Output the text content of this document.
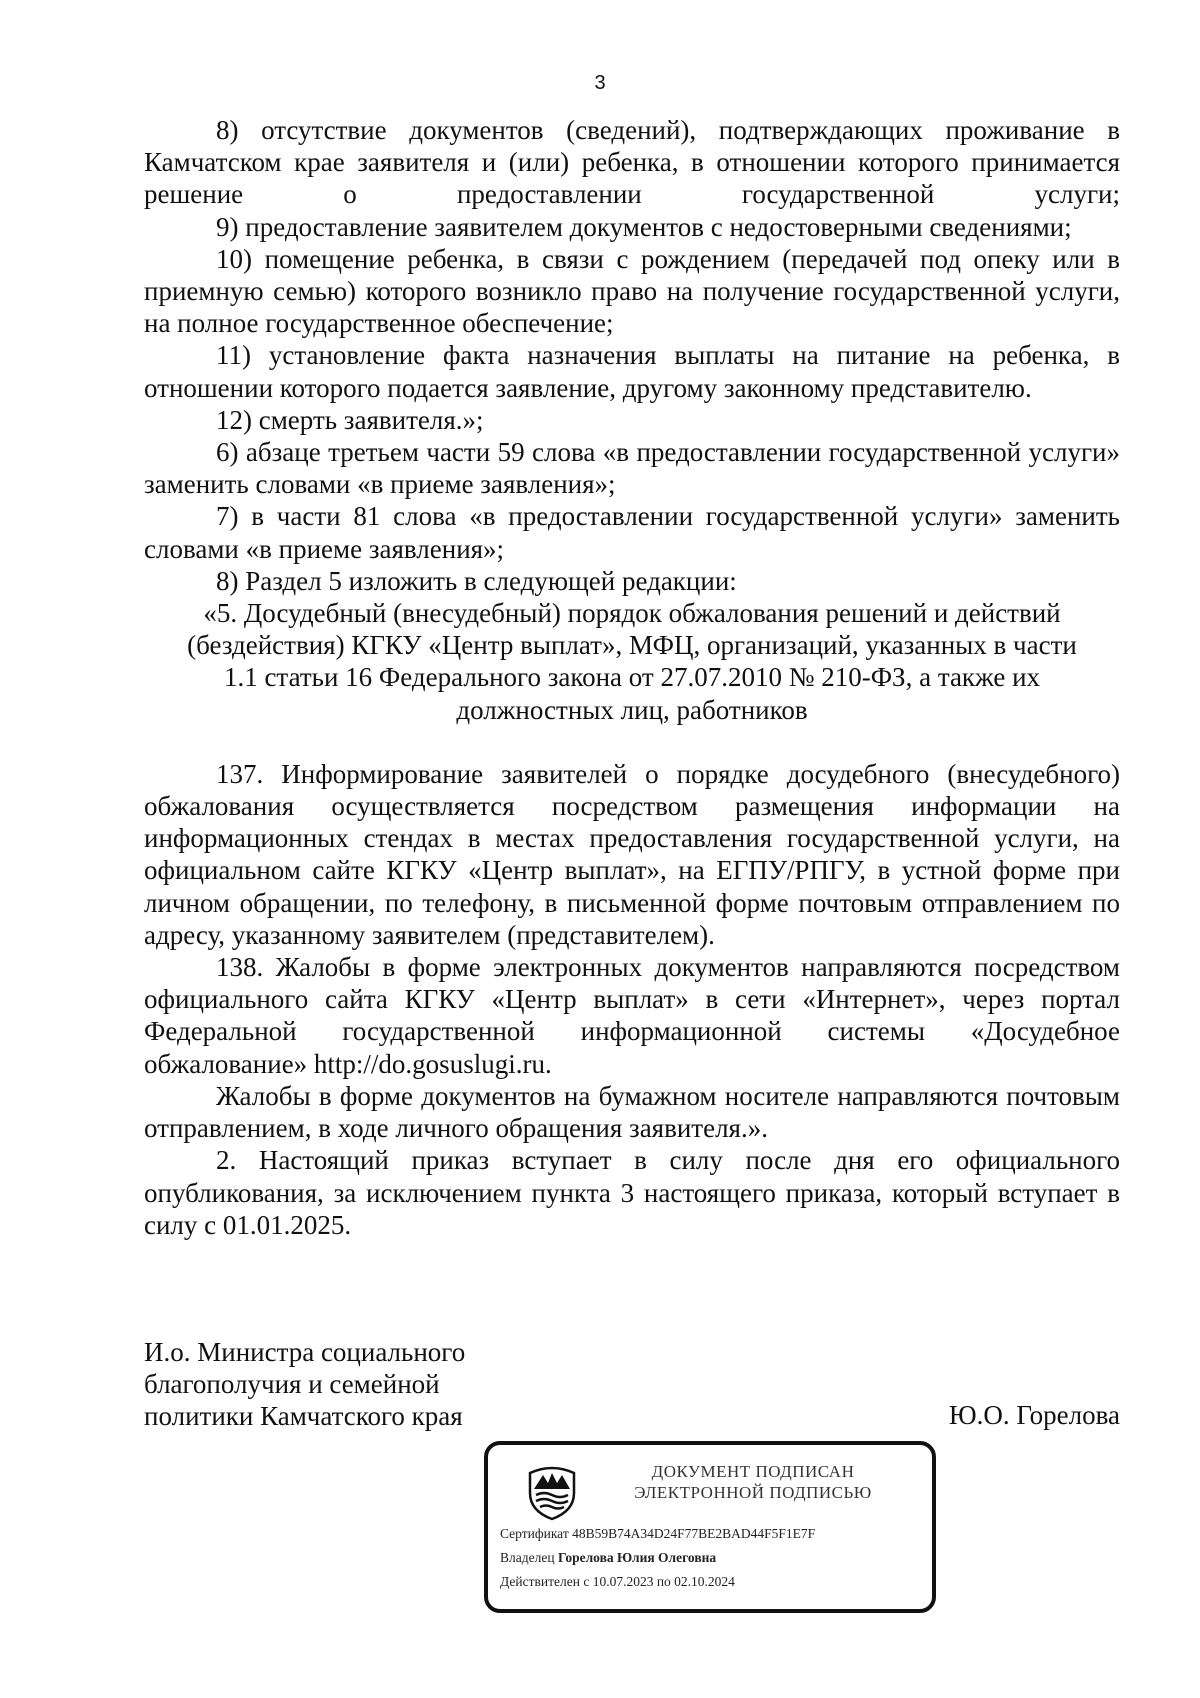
3

8) отсутствие документов (сведений), подтверждающих проживание в Камчатском крае заявителя и (или) ребенка, в отношении которого принимается решение о предоставлении государственной услуги;

9) предоставление заявителем документов с недостоверными сведениями;

10) помещение ребенка, в связи с рождением (передачей под опеку или в приемную семью) которого возникло право на получение государственной услуги, на полное государственное обеспечение;

11) установление факта назначения выплаты на питание на ребенка, в отношении которого подается заявление, другому законному представителю.

12) смерть заявителя.»;

6) абзаце третьем части 59 слова «в предоставлении государственной услуги» заменить словами «в приеме заявления»;

7) в части 81 слова «в предоставлении государственной услуги» заменить словами «в приеме заявления»;

8) Раздел 5 изложить в следующей редакции:

«5. Досудебный (внесудебный) порядок обжалования решений и действий (бездействия) КГКУ «Центр выплат», МФЦ, организаций, указанных в части 1.1 статьи 16 Федерального закона от 27.07.2010 № 210-ФЗ, а также их должностных лиц, работников

137. Информирование заявителей о порядке досудебного (внесудебного) обжалования осуществляется посредством размещения информации на информационных стендах в местах предоставления государственной услуги, на официальном сайте КГКУ «Центр выплат», на ЕГПУ/РПГУ, в устной форме при личном обращении, по телефону, в письменной форме почтовым отправлением по адресу, указанному заявителем (представителем).

138. Жалобы в форме электронных документов направляются посредством официального сайта КГКУ «Центр выплат» в сети «Интернет», через портал Федеральной государственной информационной системы «Досудебное обжалование» http://do.gosuslugi.ru.

Жалобы в форме документов на бумажном носителе направляются почтовым отправлением, в ходе личного обращения заявителя.».

2. Настоящий приказ вступает в силу после дня его официального опубликования, за исключением пункта 3 настоящего приказа, который вступает в силу с 01.01.2025.

И.о. Министра социального
благополучия и семейной
политики Камчатского края	Ю.О. Горелова
ДОКУМЕНТ ПОДПИСАН
ЭЛЕКТРОННОЙ ПОДПИСЬЮ
Сертификат 48B59B74A34D24F77BE2BAD44F5F1E7F
Владелец Горелова Юлия Олеговна
Действителен с 10.07.2023 по 02.10.2024
